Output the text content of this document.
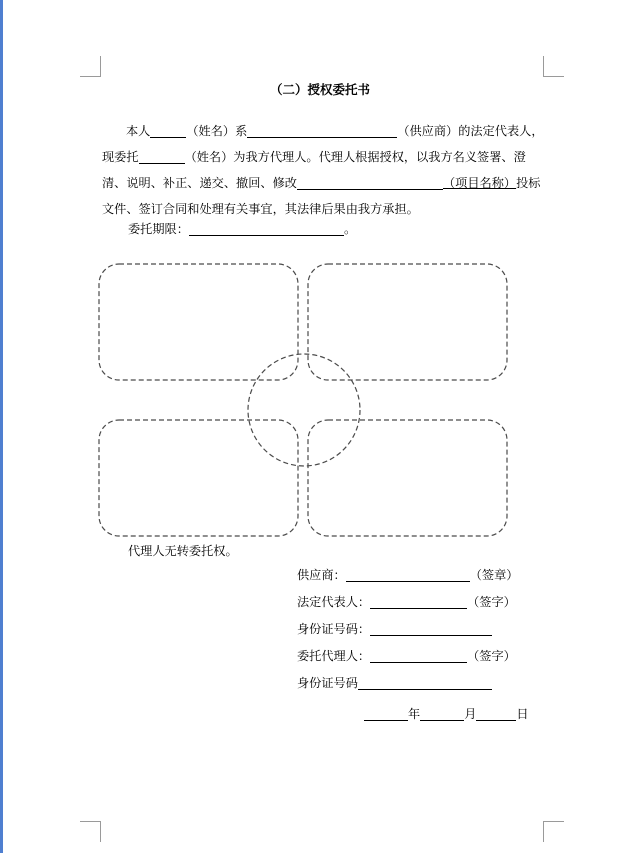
（二）授权委托书
本人	（姓名）系	（供应商）的法定代表人，现委托	（姓名）为我方代理人。代理人根据授权，以我方名义签署、澄清、说明、补正、递交、撤回、修改	（项目名称）投标文件、签订合同和处理有关事宜，其法律后果由我方承担。
委托期限：	。
代理人无转委托权。
供应商：	（签章）
法定代表人：	（签字）
身份证号码：
委托代理人：	（签字）
身份证号码
年	月	日
